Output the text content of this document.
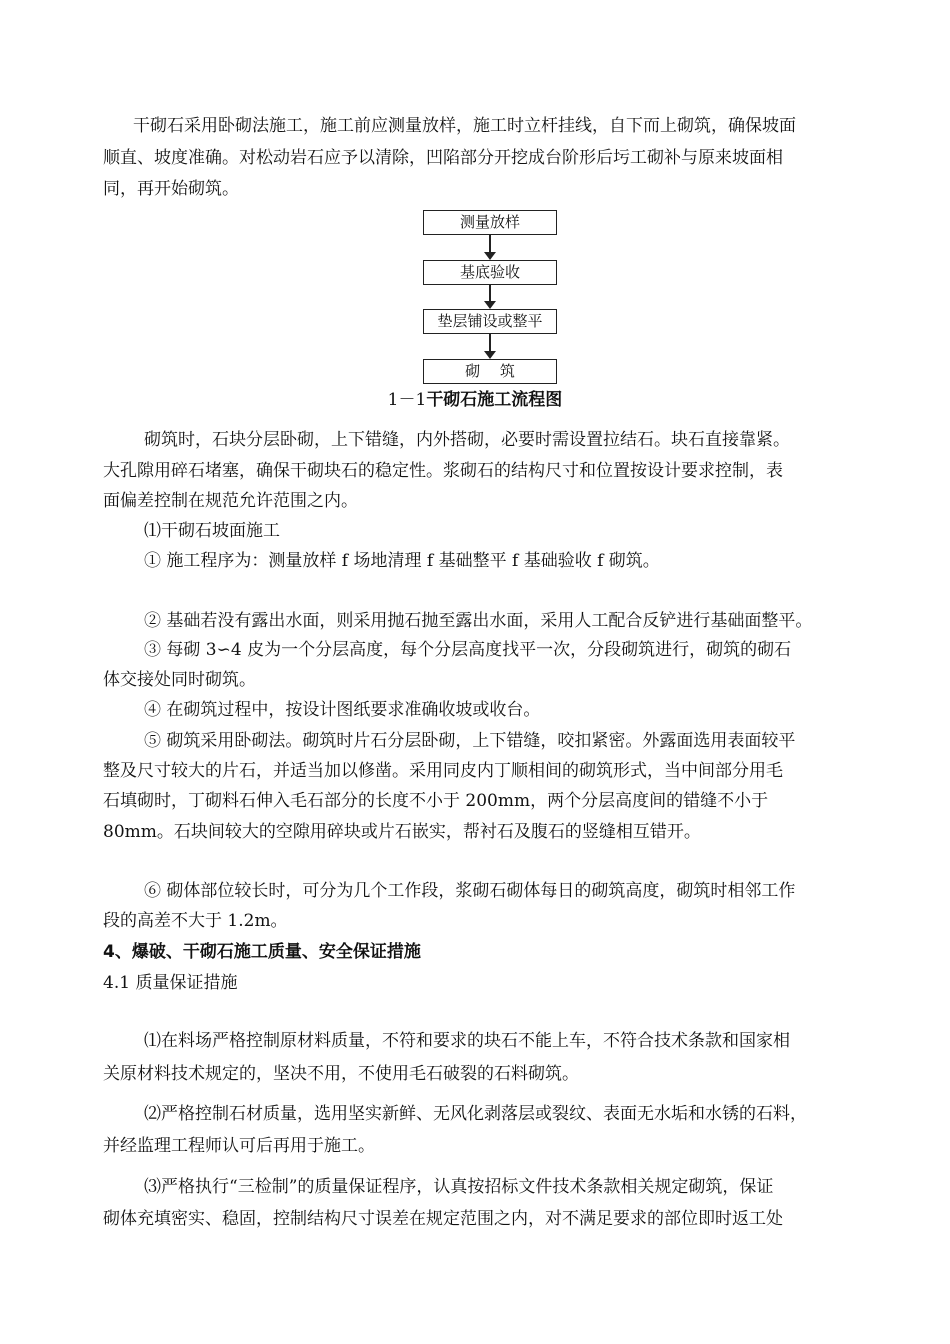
干砌石采用卧砌法施工，施工前应测量放样，施工时立杆挂线，自下而上砌筑，确保坡面
顺直、坡度准确。对松动岩石应予以清除，凹陷部分开挖成台阶形后圬工砌补与原来坡面相
同，再开始砌筑。
测量放样
基底验收
垫层铺设或整平
砌　 筑
1－1干砌石施工流程图
砌筑时，石块分层卧砌，上下错缝，内外搭砌，必要时需设置拉结石。块石直接靠紧。
大孔隙用碎石堵塞，确保干砌块石的稳定性。浆砌石的结构尺寸和位置按设计要求控制，表
面偏差控制在规范允许范围之内。
⑴干砌石坡面施工
① 施工程序为：测量放样 f 场地清理 f 基础整平 f 基础验收 f 砌筑。
② 基础若没有露出水面，则采用抛石抛至露出水面，采用人工配合反铲进行基础面整平。
③ 每砌 3∽4 皮为一个分层高度，每个分层高度找平一次，分段砌筑进行，砌筑的砌石
体交接处同时砌筑。
④ 在砌筑过程中，按设计图纸要求准确收坡或收台。
⑤ 砌筑采用卧砌法。砌筑时片石分层卧砌，上下错缝，咬扣紧密。外露面选用表面较平
整及尺寸较大的片石，并适当加以修凿。采用同皮内丁顺相间的砌筑形式，当中间部分用毛
石填砌时，丁砌料石伸入毛石部分的长度不小于 200mm，两个分层高度间的错缝不小于
80mm。石块间较大的空隙用碎块或片石嵌实，帮衬石及腹石的竖缝相互错开。
⑥ 砌体部位较长时，可分为几个工作段，浆砌石砌体每日的砌筑高度，砌筑时相邻工作
段的高差不大于 1.2m。
4、爆破、干砌石施工质量、安全保证措施
4.1 质量保证措施
⑴在料场严格控制原材料质量，不符和要求的块石不能上车，不符合技术条款和国家相
关原材料技术规定的，坚决不用，不使用毛石破裂的石料砌筑。
⑵严格控制石材质量，选用坚实新鲜、无风化剥落层或裂纹、表面无水垢和水锈的石料，
并经监理工程师认可后再用于施工。
⑶严格执行“三检制”的质量保证程序，认真按招标文件技术条款相关规定砌筑，保证
砌体充填密实、稳固，控制结构尺寸误差在规定范围之内，对不满足要求的部位即时返工处
